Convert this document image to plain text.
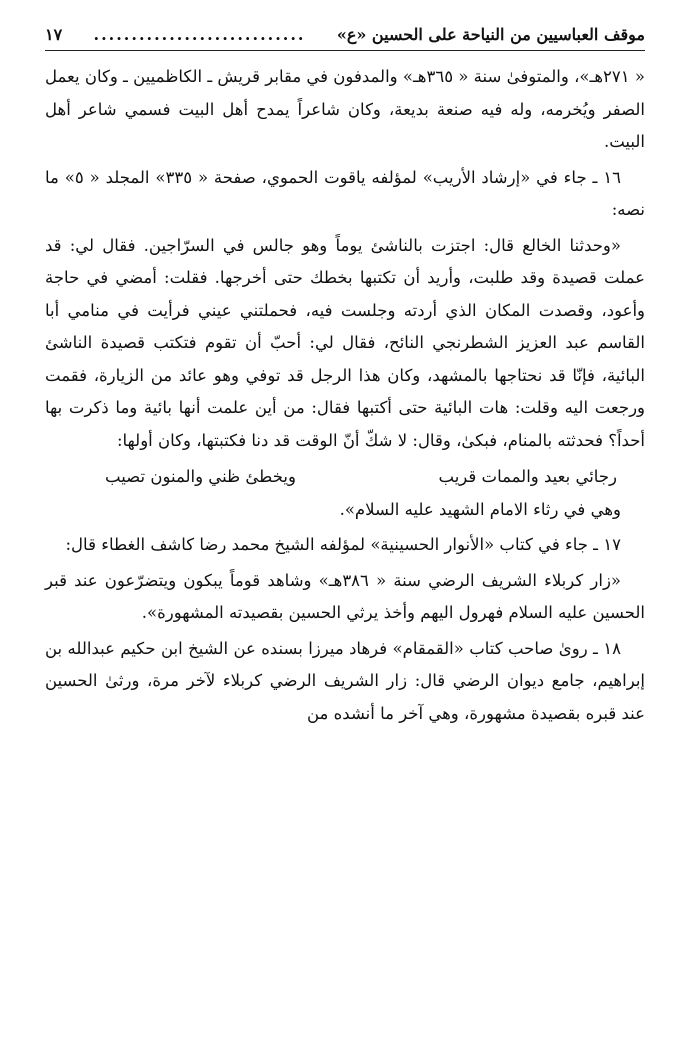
موقف العباسيين من النياحة على الحسين «ع»
............................
١٧

« ٢٧١هـ»، والمتوفىٰ سنة « ٣٦٥هـ» والمدفون في مقابر قريش ـ الكاظميين ـ وكان يعمل الصفر ويُخرمه، وله فيه صنعة بديعة، وكان شاعراً يمدح أهل البيت فسمي شاعر أهل البيت.

١٦ ـ جاء في «إرشاد الأريب» لمؤلفه ياقوت الحموي، صفحة « ٣٣٥» المجلد « ٥» ما نصه:

«وحدثنا الخالع قال: اجتزت بالناشئ يوماً وهو جالس في السرّاجين. فقال لي: قد عملت قصيدة وقد طلبت، وأريد أن تكتبها بخطك حتى أخرجها. فقلت: أمضي في حاجة وأعود، وقصدت المكان الذي أردته وجلست فيه، فحملتني عيني فرأيت في منامي أبا القاسم عبد العزيز الشطرنجي النائح، فقال لي: أحبّ أن تقوم فتكتب قصيدة الناشئ البائية، فإنّا قد نحتاجها بالمشهد، وكان هذا الرجل قد توفي وهو عائد من الزيارة، فقمت ورجعت اليه وقلت: هات البائية حتى أكتبها فقال: من أين علمت أنها بائية وما ذكرت بها أحداً؟ فحدثته بالمنام، فبكىٰ، وقال: لا شكّ أنّ الوقت قد دنا فكتبتها، وكان أولها:

رجائي بعيد والممات قريب
ويخطئ ظني والمنون تصيب

وهي في رثاء الامام الشهيد عليه السلام».

١٧ ـ جاء في كتاب «الأنوار الحسينية» لمؤلفه الشيخ محمد رضا كاشف الغطاء قال:

«زار كربلاء الشريف الرضي سنة « ٣٨٦هـ» وشاهد قوماً يبكون ويتضرّعون عند قبر الحسين عليه السلام فهرول اليهم وأخذ يرثي الحسين بقصيدته المشهورة».

١٨ ـ روىٰ صاحب كتاب «القمقام» فرهاد ميرزا بسنده عن الشيخ ابن حكيم عبدالله بن إبراهيم، جامع ديوان الرضي قال: زار الشريف الرضي كربلاء لآخر مرة، ورثىٰ الحسين عند قبره بقصيدة مشهورة، وهي آخر ما أنشده من
